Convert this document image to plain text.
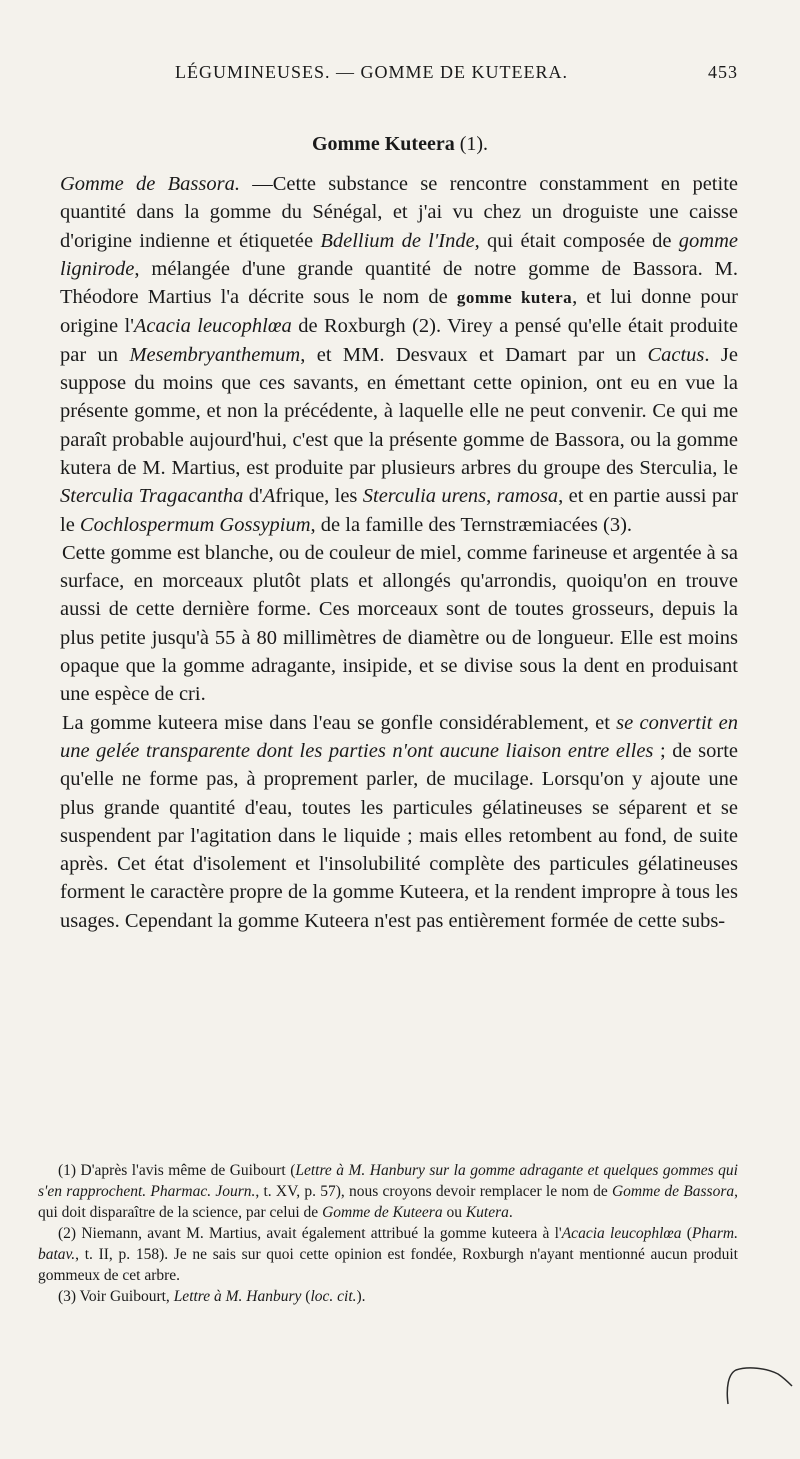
LÉGUMINEUSES. — GOMME DE KUTEERA.	453
Gomme Kuteera (1).

Gomme de Bassora. —Cette substance se rencontre constamment en petite quantité dans la gomme du Sénégal, et j'ai vu chez un droguiste une caisse d'origine indienne et étiquetée Bdellium de l'Inde, qui était composée de gomme lignirode, mélangée d'une grande quantité de notre gomme de Bassora. M. Théodore Martius l'a décrite sous le nom de gomme kutera, et lui donne pour origine l'Acacia leucophlœa de Roxburgh (2). Virey a pensé qu'elle était produite par un Mesembryanthemum, et MM. Desvaux et Damart par un Cactus. Je suppose du moins que ces savants, en émettant cette opinion, ont eu en vue la présente gomme, et non la précédente, à laquelle elle ne peut convenir. Ce qui me paraît probable aujourd'hui, c'est que la présente gomme de Bassora, ou la gomme kutera de M. Martius, est produite par plusieurs arbres du groupe des Sterculia, le Sterculia Tragacantha d'Afrique, les Sterculia urens, ramosa, et en partie aussi par le Cochlospermum Gossypium, de la famille des Ternstræmiacées (3).

Cette gomme est blanche, ou de couleur de miel, comme farineuse et argentée à sa surface, en morceaux plutôt plats et allongés qu'arrondis, quoiqu'on en trouve aussi de cette dernière forme. Ces morceaux sont de toutes grosseurs, depuis la plus petite jusqu'à 55 à 80 millimètres de diamètre ou de longueur. Elle est moins opaque que la gomme adragante, insipide, et se divise sous la dent en produisant une espèce de cri.

La gomme kuteera mise dans l'eau se gonfle considérablement, et se convertit en une gelée transparente dont les parties n'ont aucune liaison entre elles ; de sorte qu'elle ne forme pas, à proprement parler, de mucilage. Lorsqu'on y ajoute une plus grande quantité d'eau, toutes les particules gélatineuses se séparent et se suspendent par l'agitation dans le liquide ; mais elles retombent au fond, de suite après. Cet état d'isolement et l'insolubilité complète des particules gélatineuses forment le caractère propre de la gomme Kuteera, et la rendent impropre à tous les usages. Cependant la gomme Kuteera n'est pas entièrement formée de cette subs-

(1) D'après l'avis même de Guibourt (Lettre à M. Hanbury sur la gomme adragante et quelques gommes qui s'en rapprochent. Pharmac. Journ., t. XV, p. 57), nous croyons devoir remplacer le nom de Gomme de Bassora, qui doit disparaître de la science, par celui de Gomme de Kuteera ou Kutera.

(2) Niemann, avant M. Martius, avait également attribué la gomme kuteera à l'Acacia leucophlœa (Pharm. batav., t. II, p. 158). Je ne sais sur quoi cette opinion est fondée, Roxburgh n'ayant mentionné aucun produit gommeux de cet arbre.

(3) Voir Guibourt, Lettre à M. Hanbury (loc. cit.).
